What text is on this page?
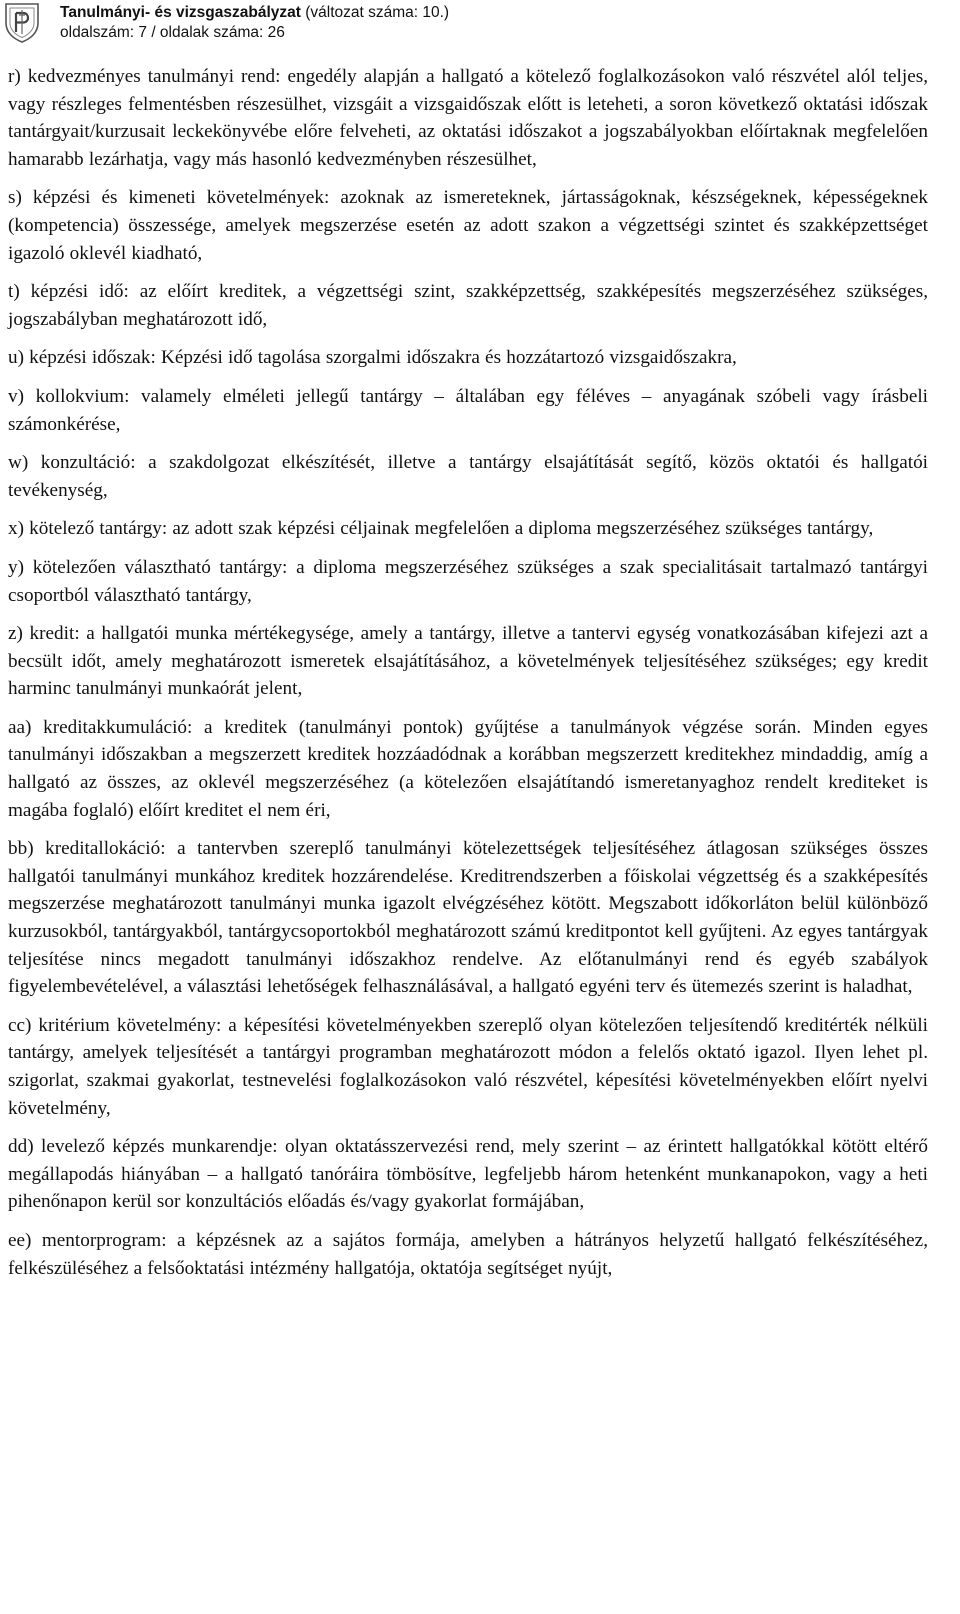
Tanulmányi- és vizsgaszabályzat (változat száma: 10.)
oldalszám: 7 / oldalak száma: 26

r) kedvezményes tanulmányi rend: engedély alapján a hallgató a kötelező foglalkozásokon való részvétel alól teljes, vagy részleges felmentésben részesülhet, vizsgáit a vizsgaidőszak előtt is leteheti, a soron következő oktatási időszak tantárgyait/kurzusait leckekönyvébe előre felveheti, az oktatási időszakot a jogszabályokban előírtaknak megfelelően hamarabb lezárhatja, vagy más hasonló kedvezményben részesülhet,

s) képzési és kimeneti követelmények: azoknak az ismereteknek, jártasságoknak, készségeknek, képességeknek (kompetencia) összessége, amelyek megszerzése esetén az adott szakon a végzettségi szintet és szakképzettséget igazoló oklevél kiadható,

t) képzési idő: az előírt kreditek, a végzettségi szint, szakképzettség, szakképesítés megszerzéséhez szükséges, jogszabályban meghatározott idő,

u) képzési időszak: Képzési idő tagolása szorgalmi időszakra és hozzátartozó vizsgaidőszakra,

v) kollokvium: valamely elméleti jellegű tantárgy – általában egy féléves – anyagának szóbeli vagy írásbeli számonkérése,

w) konzultáció: a szakdolgozat elkészítését, illetve a tantárgy elsajátítását segítő, közös oktatói és hallgatói tevékenység,

x) kötelező tantárgy: az adott szak képzési céljainak megfelelően a diploma megszerzéséhez szükséges tantárgy,

y) kötelezően választható tantárgy: a diploma megszerzéséhez szükséges a szak specialitásait tartalmazó tantárgyi csoportból választható tantárgy,

z) kredit: a hallgatói munka mértékegysége, amely a tantárgy, illetve a tantervi egység vonatkozásában kifejezi azt a becsült időt, amely meghatározott ismeretek elsajátításához, a követelmények teljesítéséhez szükséges; egy kredit harminc tanulmányi munkaórát jelent,

aa) kreditakkumuláció: a kreditek (tanulmányi pontok) gyűjtése a tanulmányok végzése során. Minden egyes tanulmányi időszakban a megszerzett kreditek hozzáadódnak a korábban megszerzett kreditekhez mindaddig, amíg a hallgató az összes, az oklevél megszerzéséhez (a kötelezően elsajátítandó ismeretanyaghoz rendelt krediteket is magába foglaló) előírt kreditet el nem éri,

bb) kreditallokáció: a tantervben szereplő tanulmányi kötelezettségek teljesítéséhez átlagosan szükséges összes hallgatói tanulmányi munkához kreditek hozzárendelése. Kreditrendszerben a főiskolai végzettség és a szakképesítés megszerzése meghatározott tanulmányi munka igazolt elvégzéséhez kötött. Megszabott időkorláton belül különböző kurzusokból, tantárgyakból, tantárgycsoportokból meghatározott számú kreditpontot kell gyűjteni. Az egyes tantárgyak teljesítése nincs megadott tanulmányi időszakhoz rendelve. Az előtanulmányi rend és egyéb szabályok figyelembevételével, a választási lehetőségek felhasználásával, a hallgató egyéni terv és ütemezés szerint is haladhat,

cc) kritérium követelmény: a képesítési követelményekben szereplő olyan kötelezően teljesítendő kreditérték nélküli tantárgy, amelyek teljesítését a tantárgyi programban meghatározott módon a felelős oktató igazol. Ilyen lehet pl. szigorlat, szakmai gyakorlat, testnevelési foglalkozásokon való részvétel, képesítési követelményekben előírt nyelvi követelmény,

dd) levelező képzés munkarendje: olyan oktatásszervezési rend, mely szerint – az érintett hallgatókkal kötött eltérő megállapodás hiányában – a hallgató tanóráira tömbösítve, legfeljebb három hetenként munkanapokon, vagy a heti pihenőnapon kerül sor konzultációs előadás és/vagy gyakorlat formájában,

ee) mentorprogram: a képzésnek az a sajátos formája, amelyben a hátrányos helyzetű hallgató felkészítéséhez, felkészüléséhez a felsőoktatási intézmény hallgatója, oktatója segítséget nyújt,
